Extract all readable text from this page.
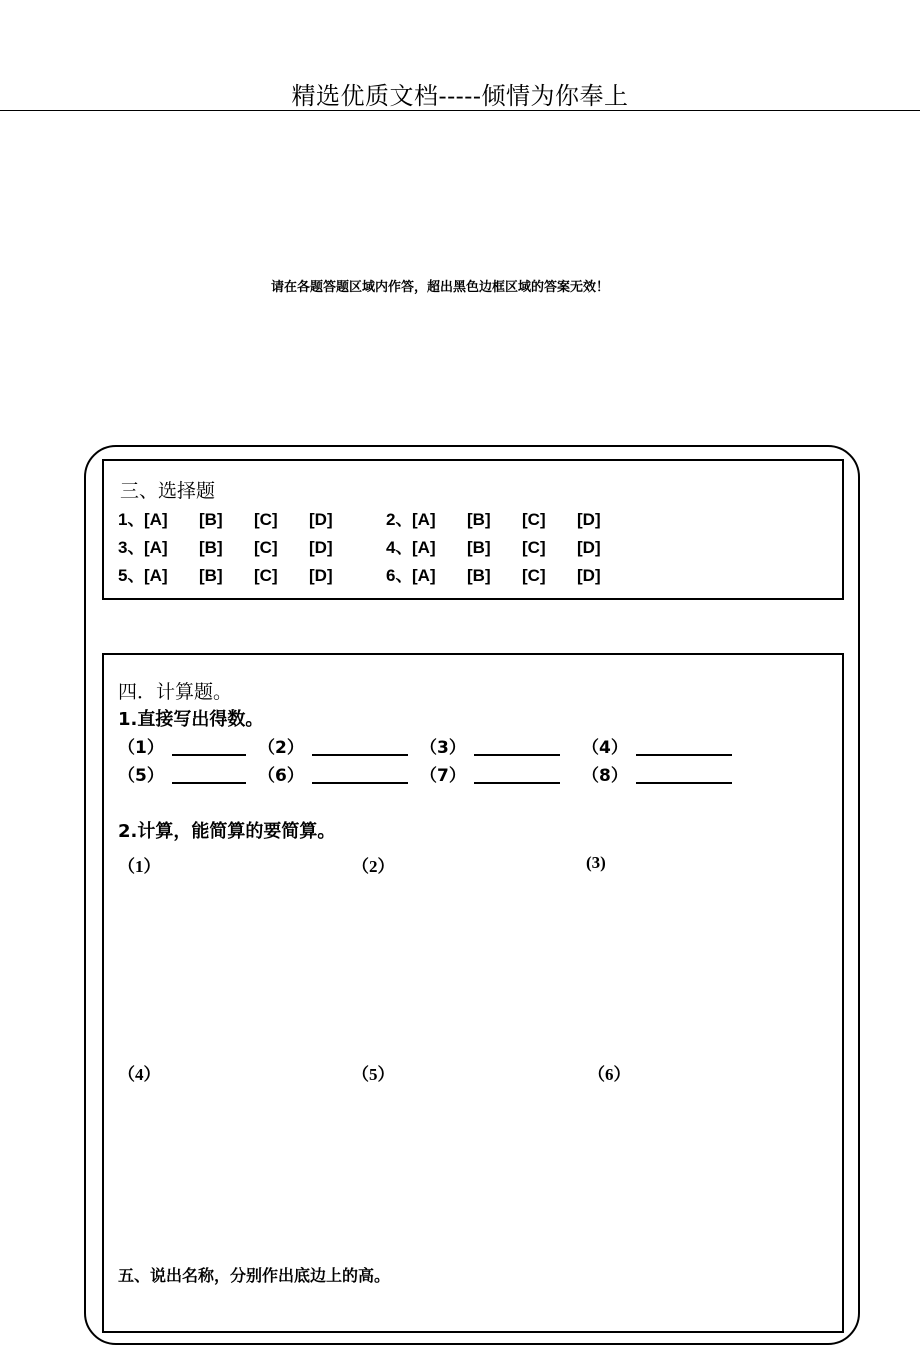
精选优质文档-----倾情为你奉上
请在各题答题区域内作答，超出黑色边框区域的答案无效！
三、选择题
1、[A] [B] [C] [D]	2、[A] [B] [C] [D]
3、[A] [B] [C] [D]	4、[A] [B] [C] [D]
5、[A] [B] [C] [D]	6、[A] [B] [C] [D]
四．计算题。
1.直接写出得数。
（1）	（2）	（3）	（4）
（5）	（6）	（7）	（8）
2.计算，能简算的要简算。
（1）	（2）	(3)
（4）	（5）	（6）
五、说出名称，分别作出底边上的高。
